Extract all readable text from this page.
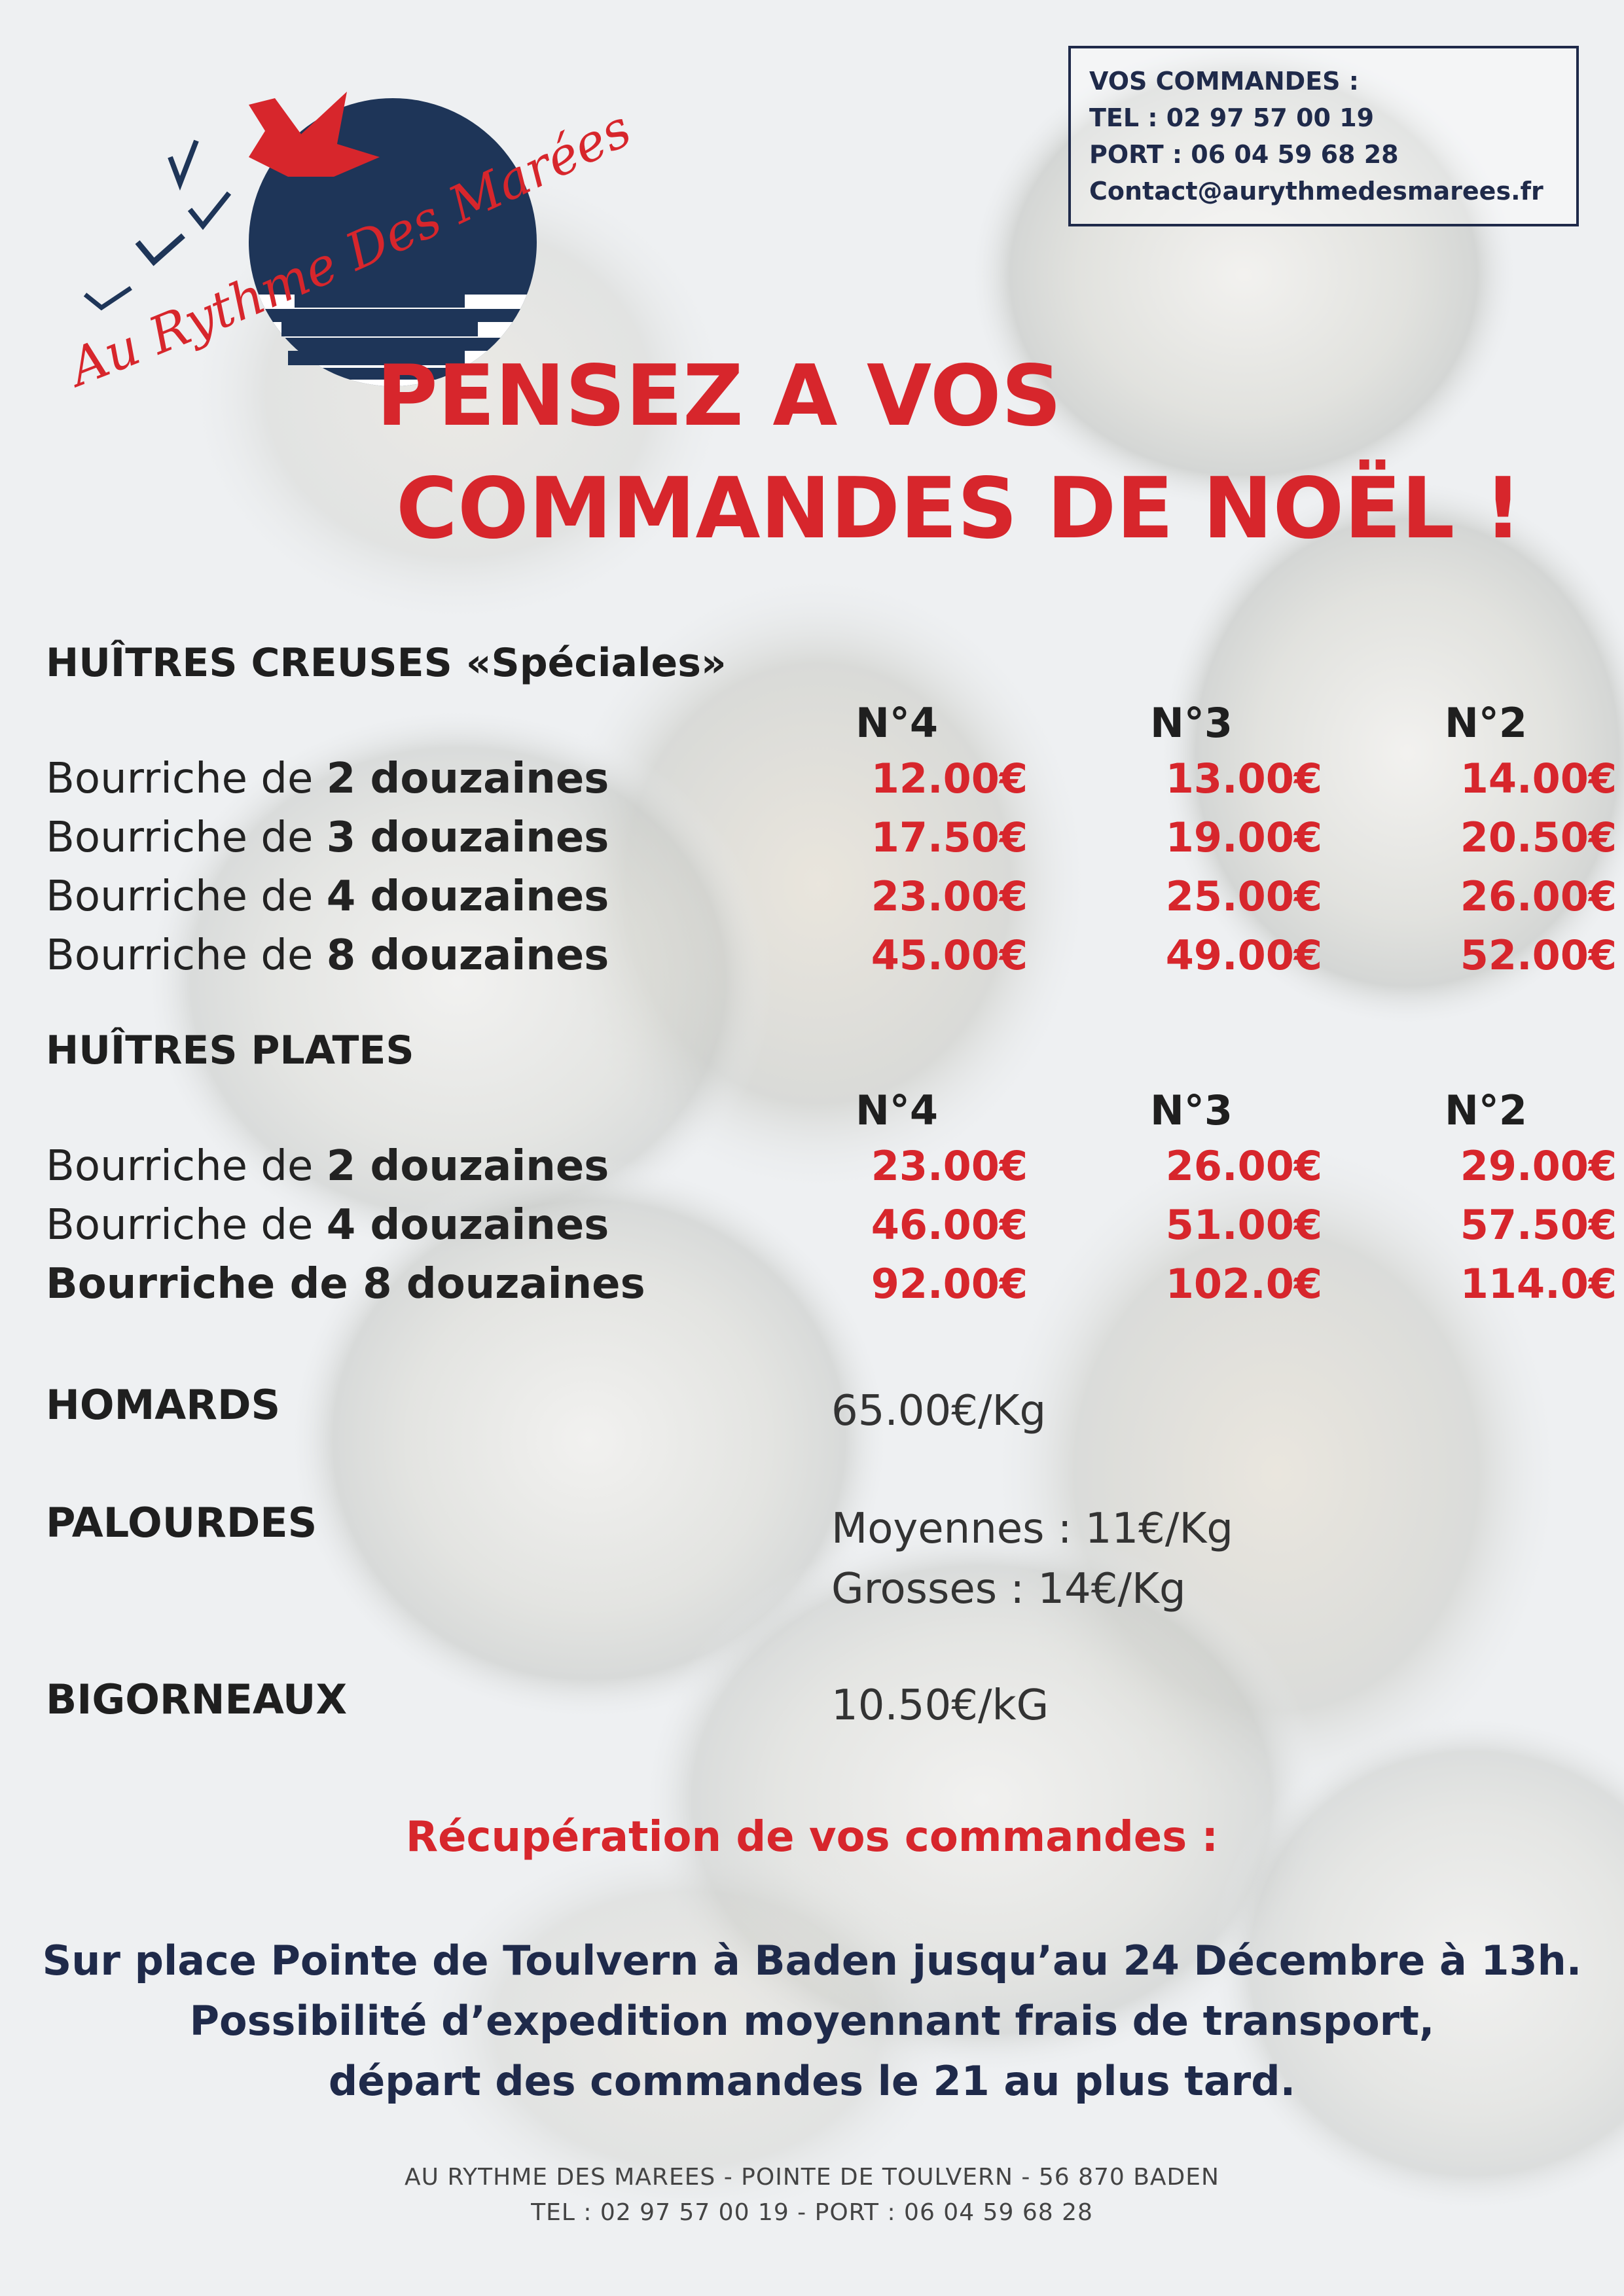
Au Rythme Des Marées
VOS COMMANDES :
TEL : 02 97 57 00 19
PORT : 06 04 59 68 28
Contact@aurythmedesmarees.fr
PENSEZ A VOS
COMMANDES DE NOËL !
HUÎTRES CREUSES «Spéciales»
N°4	N°3	N°2
Bourriche de 2 douzaines	12.00€	13.00€	14.00€
Bourriche de 3 douzaines	17.50€	19.00€	20.50€
Bourriche de 4 douzaines	23.00€	25.00€	26.00€
Bourriche de 8 douzaines	45.00€	49.00€	52.00€
HUÎTRES PLATES
N°4	N°3	N°2
Bourriche de 2 douzaines	23.00€	26.00€	29.00€
Bourriche de 4 douzaines	46.00€	51.00€	57.50€
Bourriche de 8 douzaines	92.00€	102.0€	114.0€
HOMARDS	65.00€/Kg
PALOURDES	Moyennes : 11€/Kg
Grosses : 14€/Kg
BIGORNEAUX	10.50€/kG
Récupération de vos commandes :
Sur place Pointe de Toulvern à Baden jusqu’au 24 Décembre à 13h.
Possibilité d’expedition moyennant frais de transport,
départ des commandes le 21 au plus tard.
AU RYTHME DES MAREES - POINTE DE TOULVERN - 56 870 BADEN
TEL : 02 97 57 00 19 - PORT : 06 04 59 68 28
